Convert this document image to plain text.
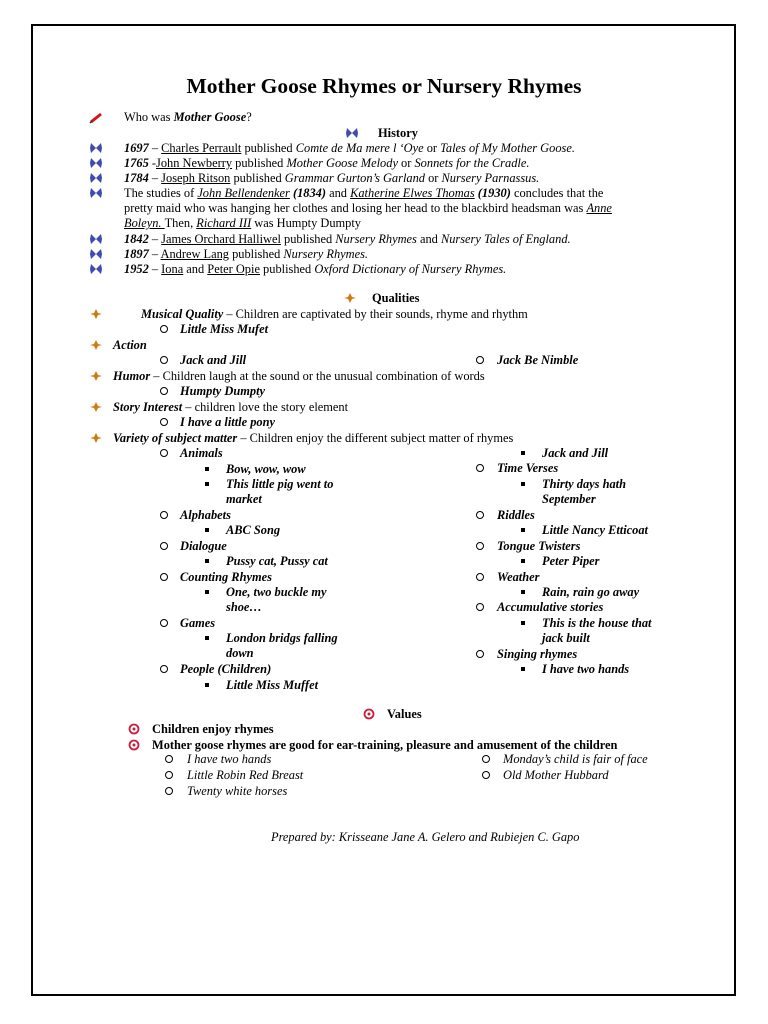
Mother Goose Rhymes or Nursery Rhymes
Who was Mother Goose?
History
1697 – Charles Perrault published Comte de Ma mere l ‘Oye or Tales of My Mother Goose.
1765 -John Newberry published Mother Goose Melody or Sonnets for the Cradle.
1784 – Joseph Ritson published Grammar Gurton’s Garland or Nursery Parnassus.
1842 – James Orchard Halliwel published Nursery Rhymes and Nursery Tales of England.
1897 – Andrew Lang published Nursery Rhymes.
1952 – Iona and Peter Opie published Oxford Dictionary of Nursery Rhymes.
The studies of John Bellendenker (1834) and Katherine Elwes Thomas (1930) concludes that the
pretty maid who was hanging her clothes and losing her head to the blackbird headsman was Anne
Boleyn. Then, Richard III was Humpty Dumpty
Qualities
Musical Quality – Children are captivated by their sounds, rhyme and rhythm
Little Miss Mufet
Action
Jack and Jill	Jack Be Nimble
Humor – Children laugh at the sound or the unusual combination of words
Humpty Dumpty
Story Interest – children love the story element
I have a little pony
Variety of subject matter – Children enjoy the different subject matter of rhymes
Animals
Bow, wow, wow
This little pig went to
market
Alphabets
ABC Song
Dialogue
Pussy cat, Pussy cat
Counting Rhymes
One, two buckle my
shoe…
Games
London bridgs falling
down
People (Children)
Little Miss Muffet
Jack and Jill
Time Verses
Thirty days hath
September
Riddles
Little Nancy Etticoat
Tongue Twisters
Peter Piper
Weather
Rain, rain go away
Accumulative stories
This is the house that
jack built
Singing rhymes
I have two hands
Values
Children enjoy rhymes
Mother goose rhymes are good for ear-training, pleasure and amusement of the children
I have two hands
Little Robin Red Breast
Twenty white horses
Monday’s child is fair of face
Old Mother Hubbard
Prepared by: Krisseane Jane A. Gelero and Rubiejen C. Gapo
